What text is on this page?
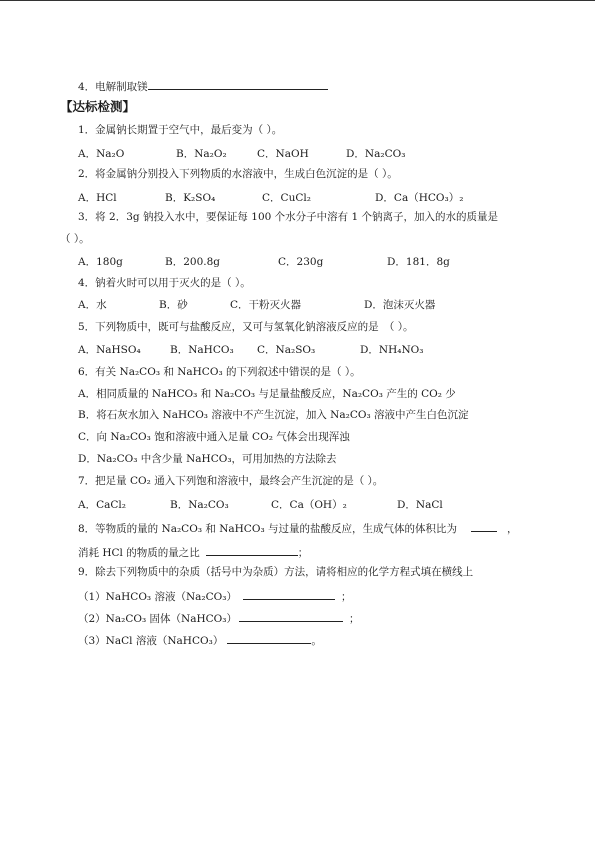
4．电解制取镁
【达标检测】
1．金属钠长期置于空气中，最后变为（ ）。
A．Na₂O	B．Na₂O₂	C．NaOH	D．Na₂CO₃
2．将金属钠分别投入下列物质的水溶液中，生成白色沉淀的是（ ）。
A．HCl	B．K₂SO₄	C．CuCl₂	D．Ca（HCO₃）₂
3．将 2．3g 钠投入水中，要保证每 100 个水分子中溶有 1 个钠离子，加入的水的质量是
（ ）。
A．180g	B．200.8g	C．230g	D．181．8g
4．钠着火时可以用于灭火的是（ ）。
A．水	B．砂	C．干粉灭火器	D．泡沫灭火器
5．下列物质中，既可与盐酸反应，又可与氢氧化钠溶液反应的是　（ ）。
A．NaHSO₄	B．NaHCO₃ C．Na₂SO₃	D．NH₄NO₃
6．有关 Na₂CO₃ 和 NaHCO₃ 的下列叙述中错误的是（ ）。
A．相同质量的 NaHCO₃ 和 Na₂CO₃ 与足量盐酸反应，Na₂CO₃ 产生的 CO₂ 少
B．将石灰水加入 NaHCO₃ 溶液中不产生沉淀，加入 Na₂CO₃ 溶液中产生白色沉淀
C．向 Na₂CO₃ 饱和溶液中通入足量 CO₂ 气体会出现浑浊
D．Na₂CO₃ 中含少量 NaHCO₃，可用加热的方法除去
7．把足量 CO₂ 通入下列饱和溶液中，最终会产生沉淀的是（ ）。
A．CaCl₂	B．Na₂CO₃	C．Ca（OH）₂	D．NaCl
8．等物质的量的 Na₂CO₃ 和 NaHCO₃ 与过量的盐酸反应，生成气体的体积比为	，
消耗 HCl 的物质的量之比	；
9．除去下列物质中的杂质（括号中为杂质）方法，请将相应的化学方程式填在横线上
（1）NaHCO₃ 溶液（Na₂CO₃）	；
（2）Na₂CO₃ 固体（NaHCO₃）	；
（3）NaCl 溶液（NaHCO₃）	。
